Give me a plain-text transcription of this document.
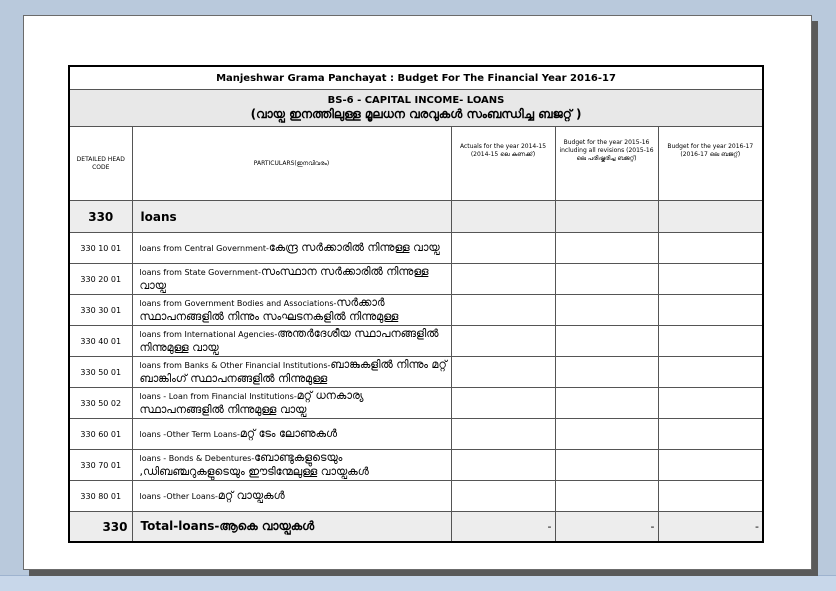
Manjeshwar Grama Panchayat : Budget For The Financial Year 2016-17				

BS-6 - CAPITAL INCOME- LOANS
(വായ്പ ഇനത്തിലുള്ള മൂലധന വരവുകൾ സംബന്ധിച്ച ബജറ്റ് )				

DETAILED HEAD CODE	PARTICULARS(ഇനവിവരം)	Actuals for the year 2014-15 (2014-15 ലെ കണക്ക്)	Budget for the year 2015-16 including all revisions (2015-16 ലെ പരിഷ്കരിച്ച ബജറ്റ്)	Budget for the year 2016-17 (2016-17 ലെ ബജറ്റ്)
330	loans			
330 10 01	loans from Central Government-കേന്ദ്ര സർക്കാരിൽ നിന്നുള്ള വായ്പ			
330 20 01	loans from State Government-സംസ്ഥാന സർക്കാരിൽ നിന്നുള്ള വായ്പ			
330 30 01	loans from Government Bodies and Associations-സർക്കാർ സ്ഥാപനങ്ങളിൽ നിന്നും സംഘടനകളിൽ നിന്നുമുള്ള			
330 40 01	loans from International Agencies-അന്തർദേശീയ സ്ഥാപനങ്ങളിൽ നിന്നുമുള്ള വായ്പ			
330 50 01	loans from Banks & Other Financial Institutions-ബാങ്കുകളിൽ നിന്നും മറ്റ് ബാങ്കിംഗ് സ്ഥാപനങ്ങളിൽ നിന്നുമുള്ള			
330 50 02	loans - Loan from Financial Institutions-മറ്റ് ധനകാര്യ സ്ഥാപനങ്ങളിൽ നിന്നുമുള്ള വായ്പ			
330 60 01	loans -Other Term Loans-മറ്റ് ടേം ലോണുകൾ			
330 70 01	loans - Bonds & Debentures-ബോണ്ടുകളുടെയും ,ഡിബഞ്ചറുകളുടെയും ഈടിന്മേലുള്ള വായ്പകൾ			
330 80 01	loans -Other Loans-മറ്റ് വായ്പകൾ			
330	Total-loans-ആകെ വായ്പകൾ	-	-	-
